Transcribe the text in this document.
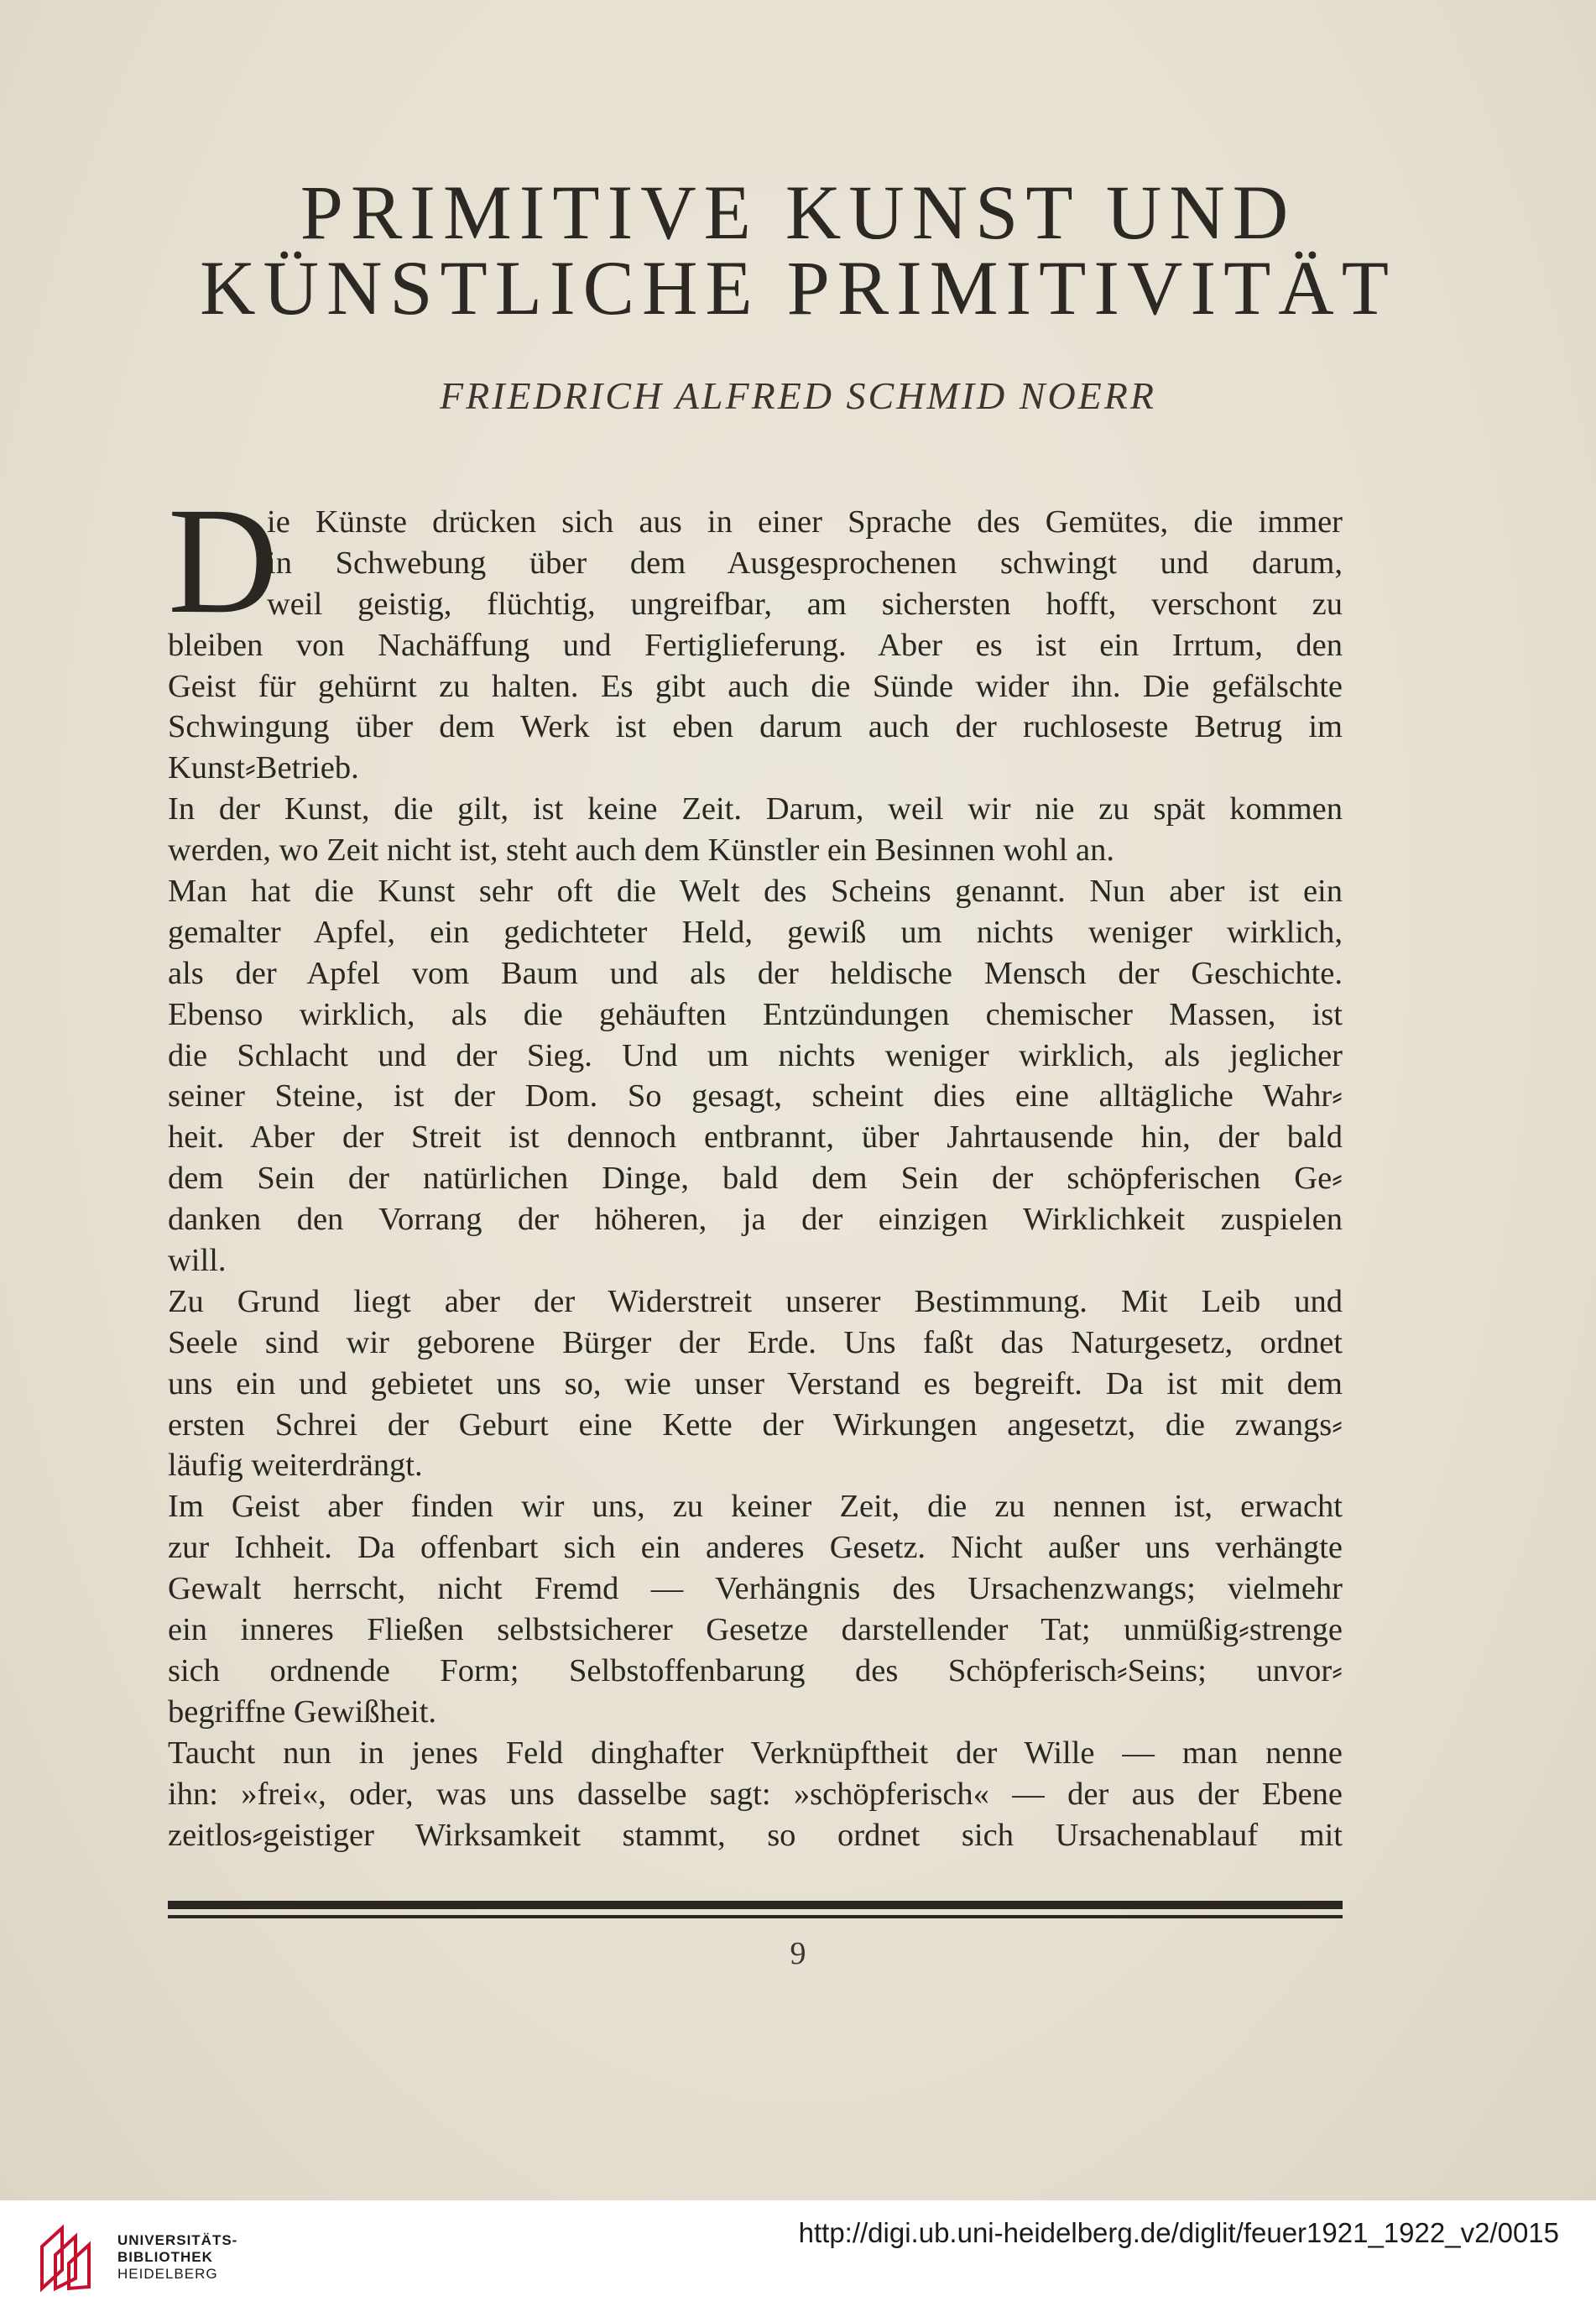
PRIMITIVE KUNST UND
KÜNSTLICHE PRIMITIVITÄT
FRIEDRICH ALFRED SCHMID NOERR
D
ie Künste drücken sich aus in einer Sprache des Gemütes, die immer
in Schwebung über dem Ausgesprochenen schwingt und darum,
weil geistig, flüchtig, ungreifbar, am sichersten hofft, verschont zu
bleiben von Nachäffung und Fertiglieferung. Aber es ist ein Irrtum, den
Geist für gehürnt zu halten. Es gibt auch die Sünde wider ihn. Die gefälschte
Schwingung über dem Werk ist eben darum auch der ruchloseste Betrug im
Kunst⸗Betrieb.
In der Kunst, die gilt, ist keine Zeit. Darum, weil wir nie zu spät kommen
werden, wo Zeit nicht ist, steht auch dem Künstler ein Besinnen wohl an.
Man hat die Kunst sehr oft die Welt des Scheins genannt. Nun aber ist ein
gemalter Apfel, ein gedichteter Held, gewiß um nichts weniger wirklich,
als der Apfel vom Baum und als der heldische Mensch der Geschichte.
Ebenso wirklich, als die gehäuften Entzündungen chemischer Massen, ist
die Schlacht und der Sieg. Und um nichts weniger wirklich, als jeglicher
seiner Steine, ist der Dom. So gesagt, scheint dies eine alltägliche Wahr⸗
heit. Aber der Streit ist dennoch entbrannt, über Jahrtausende hin, der bald
dem Sein der natürlichen Dinge, bald dem Sein der schöpferischen Ge⸗
danken den Vorrang der höheren, ja der einzigen Wirklichkeit zuspielen
will.
Zu Grund liegt aber der Widerstreit unserer Bestimmung. Mit Leib und
Seele sind wir geborene Bürger der Erde. Uns faßt das Naturgesetz, ordnet
uns ein und gebietet uns so, wie unser Verstand es begreift. Da ist mit dem
ersten Schrei der Geburt eine Kette der Wirkungen angesetzt, die zwangs⸗
läufig weiterdrängt.
Im Geist aber finden wir uns, zu keiner Zeit, die zu nennen ist, erwacht
zur Ichheit. Da offenbart sich ein anderes Gesetz. Nicht außer uns verhängte
Gewalt herrscht, nicht Fremd — Verhängnis des Ursachenzwangs; vielmehr
ein inneres Fließen selbstsicherer Gesetze darstellender Tat; unmüßig⸗strenge
sich ordnende Form; Selbstoffenbarung des Schöpferisch⸗Seins; unvor⸗
begriffne Gewißheit.
Taucht nun in jenes Feld dinghafter Verknüpftheit der Wille — man nenne
ihn: »frei«, oder, was uns dasselbe sagt: »schöpferisch« — der aus der Ebene
zeitlos⸗geistiger Wirksamkeit stammt, so ordnet sich Ursachenablauf mit
9
UNIVERSITÄTS-
BIBLIOTHEK
HEIDELBERG
http://digi.ub.uni-heidelberg.de/diglit/feuer1921_1922_v2/0015
